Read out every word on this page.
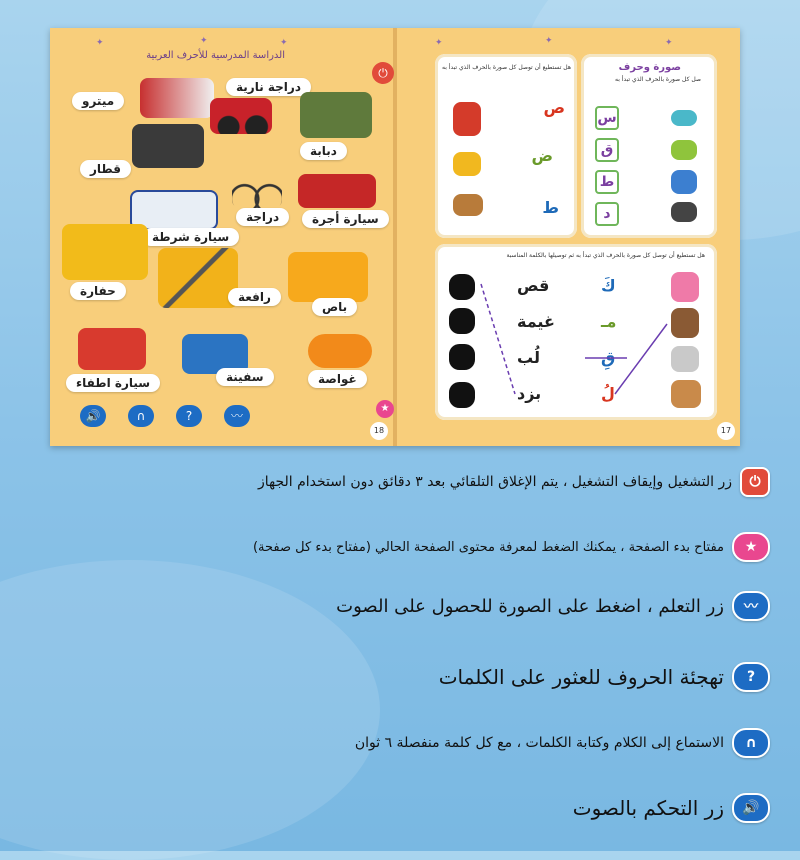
الدراسة المدرسية للأحرف العربية
⏻
✦	✦	✦
ميترو
دراجة نارية
دبابة
قطار
دراجة	سيارة أجرة
سيارة شرطة
حفارة	رافعة
باص
سيارة اطفاء	سفينة	غواصة
🔊	∩	?	〰
★
18
✦	✦	✦
هل تستطيع أن توصل كل صورة بالحرف الذي تبدأ به
ص
ض
ط
صورة وحرف
صل كل صورة بالحرف الذي تبدأ به
س
ق
ط
د
هل تستطيع أن توصل كل صورة بالحرف الذي تبدأ به ثم توصيلها بالكلمة المناسبة
قص
غيمة
لُب
بزد
كَ
مـ
قِ
لُ
17
⏻
زر التشغيل وإيقاف التشغيل ، يتم الإغلاق التلقائي بعد ٣ دقائق دون استخدام الجهاز
★
مفتاح بدء الصفحة ، يمكنك الضغط لمعرفة محتوى الصفحة الحالي (مفتاح بدء كل صفحة)
〰
زر التعلم ، اضغط على الصورة للحصول على الصوت
?
تهجئة الحروف للعثور على الكلمات
∩
الاستماع إلى الكلام وكتابة الكلمات ، مع كل كلمة منفصلة ٦ ثوان
🔊
زر التحكم بالصوت
